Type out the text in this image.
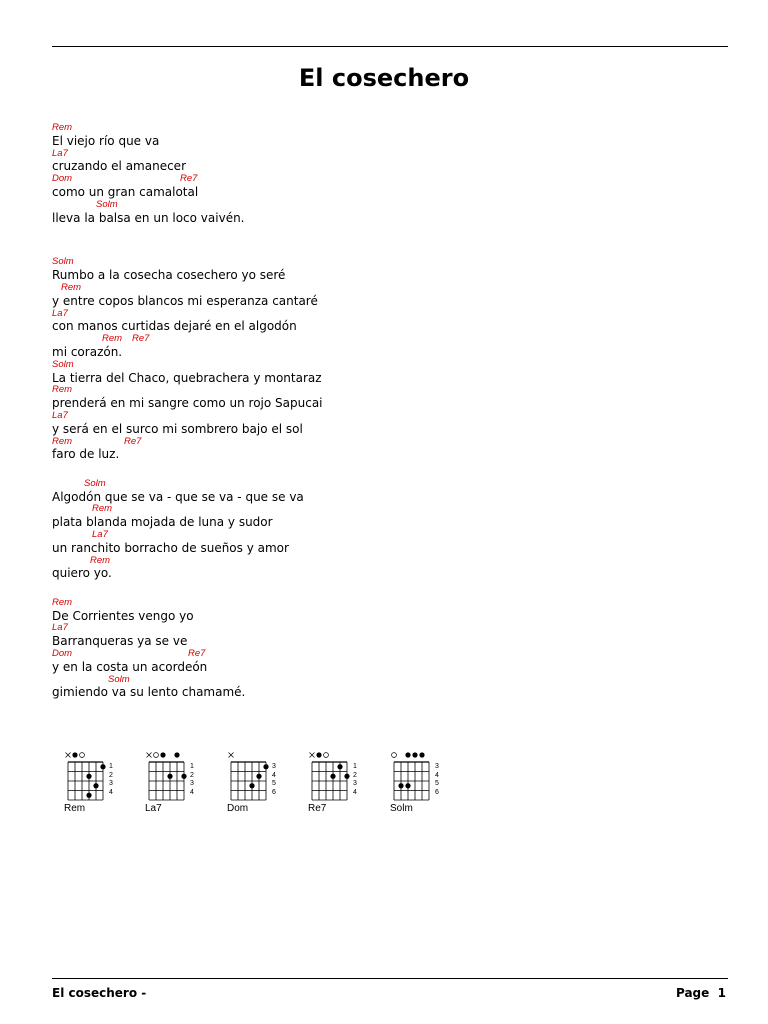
El cosechero
Rem
El viejo río que va
La7
cruzando el amanecer
Dom	Re7
como un gran camalotal
Solm
lleva la balsa en un loco vaivén.
Solm
Rumbo a la cosecha cosechero yo seré
Rem
y entre copos blancos mi esperanza cantaré
La7
con manos curtidas dejaré en el algodón
Rem Re7
mi corazón.
Solm
La tierra del Chaco, quebrachera y montaraz
Rem
prenderá en mi sangre como un rojo Sapucai
La7
y será en el surco mi sombrero bajo el sol
Rem	Re7
faro de luz.
Solm
Algodón que se va - que se va - que se va
Rem
plata blanda mojada de luna y sudor
La7
un ranchito borracho de sueños y amor
Rem
quiero yo.
Rem
De Corrientes vengo yo
La7
Barranqueras ya se ve
Dom	Re7
y en la costa un acordeón
Solm
gimiendo va su lento chamamé.
1
2
3
4
Rem
1
2
3
4
La7
3
4
5
6
Dom
1
2
3
4
Re7
3
4
5
6
Solm
El cosechero -	Page 1
